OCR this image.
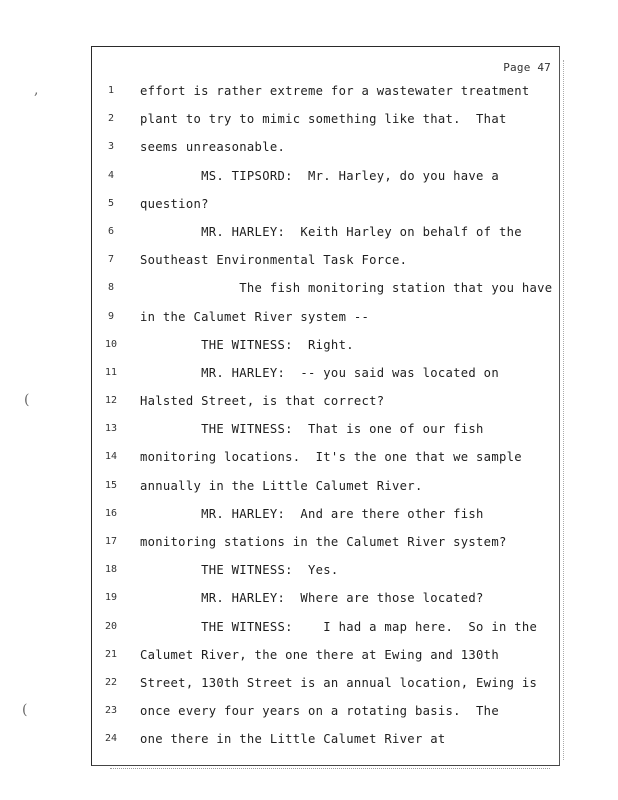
Page 47
1	effort is rather extreme for a wastewater treatment
2	plant to try to mimic something like that.  That
3	seems unreasonable.
4	MS. TIPSORD:  Mr. Harley, do you have a
5	question?
6	MR. HARLEY:  Keith Harley on behalf of the
7	Southeast Environmental Task Force.
8	The fish monitoring station that you have
9	in the Calumet River system --
10 THE WITNESS:  Right.
11 MR. HARLEY:  -- you said was located on
12 Halsted Street, is that correct?
13 THE WITNESS:  That is one of our fish
14 monitoring locations.  It's the one that we sample
15 annually in the Little Calumet River.
16 MR. HARLEY:  And are there other fish
17 monitoring stations in the Calumet River system?
18 THE WITNESS:  Yes.
19 MR. HARLEY:  Where are those located?
20 THE WITNESS:    I had a map here.  So in the
21 Calumet River, the one there at Ewing and 130th
22 Street, 130th Street is an annual location, Ewing is
23 once every four years on a rotating basis.  The
24 one there in the Little Calumet River at
,
(
(
